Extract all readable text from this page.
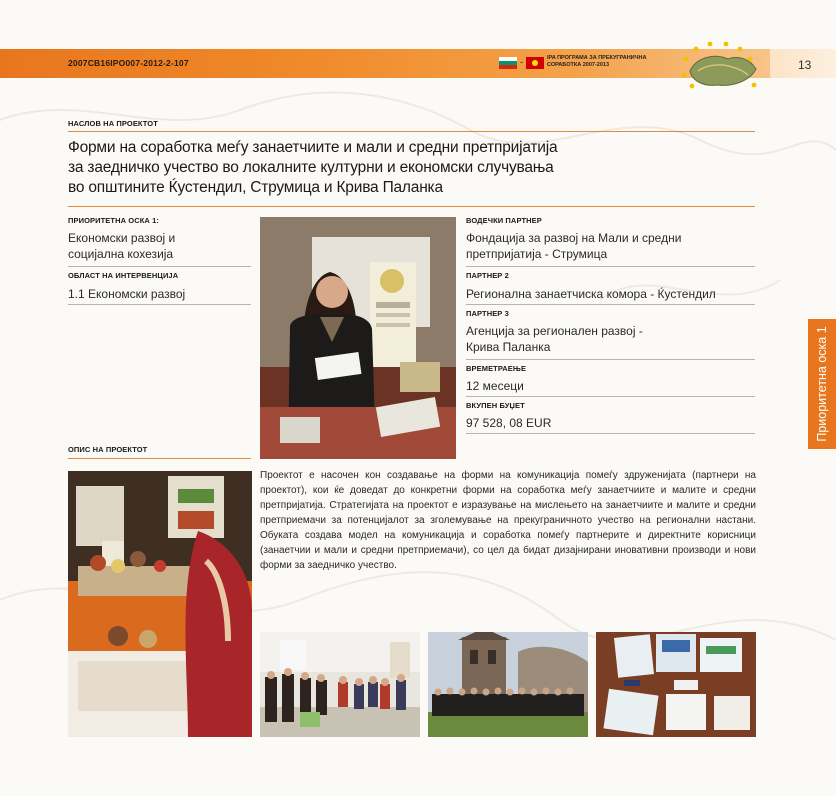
2007CB16IPO007-2012-2-107	-	IPA ПРОГРАМА ЗА ПРЕКУГРАНИЧНА СОРАБОТКА 2007-2013	13
НАСЛОВ НА ПРОЕКТОТ
Форми на соработка меѓу занаетчиите и мали и средни претпријатија
за заедничко учество во локалните културни и економски случувања
во општините Ќустендил, Струмица и Крива Паланка
ПРИОРИТЕТНА ОСКА 1:
Економски развој и
социјална кохезија
ОБЛАСТ НА ИНТЕРВЕНЦИЈА
1.1 Економски развој
ВОДЕЧКИ ПАРТНЕР
Фондација за развој на Мали и средни
претпријатија - Струмица
ПАРТНЕР 2
Регионална занаетчиска комора - Ќустендил
ПАРТНЕР 3
Агенција за регионален развој -
Крива Паланка
ВРЕМЕТРАЕЊЕ
12 месеци
ВКУПЕН БУЏЕТ
97 528, 08 EUR
ОПИС НА ПРОЕКТОТ
Проектот е насочен кон создавање на форми на комуникација помеѓу здруженијата (партнери на проектот), кои ќе доведат до конкретни форми на соработка меѓу занаетчиите и малите и средни претпријатија. Стратегијата на проектот е изразување на мислењето на занаетчиите и малите и средни претприемачи за потенцијалот за зголемување на прекуграничното учество на регионални настани. Обуката создава модел на комуникација и соработка помеѓу партнерите и директните корисници (занаетчии и мали и средни претприемачи), со цел да бидат дизајнирани иновативни производи и нови форми за заедничко учество.
Приоритетна оска 1
